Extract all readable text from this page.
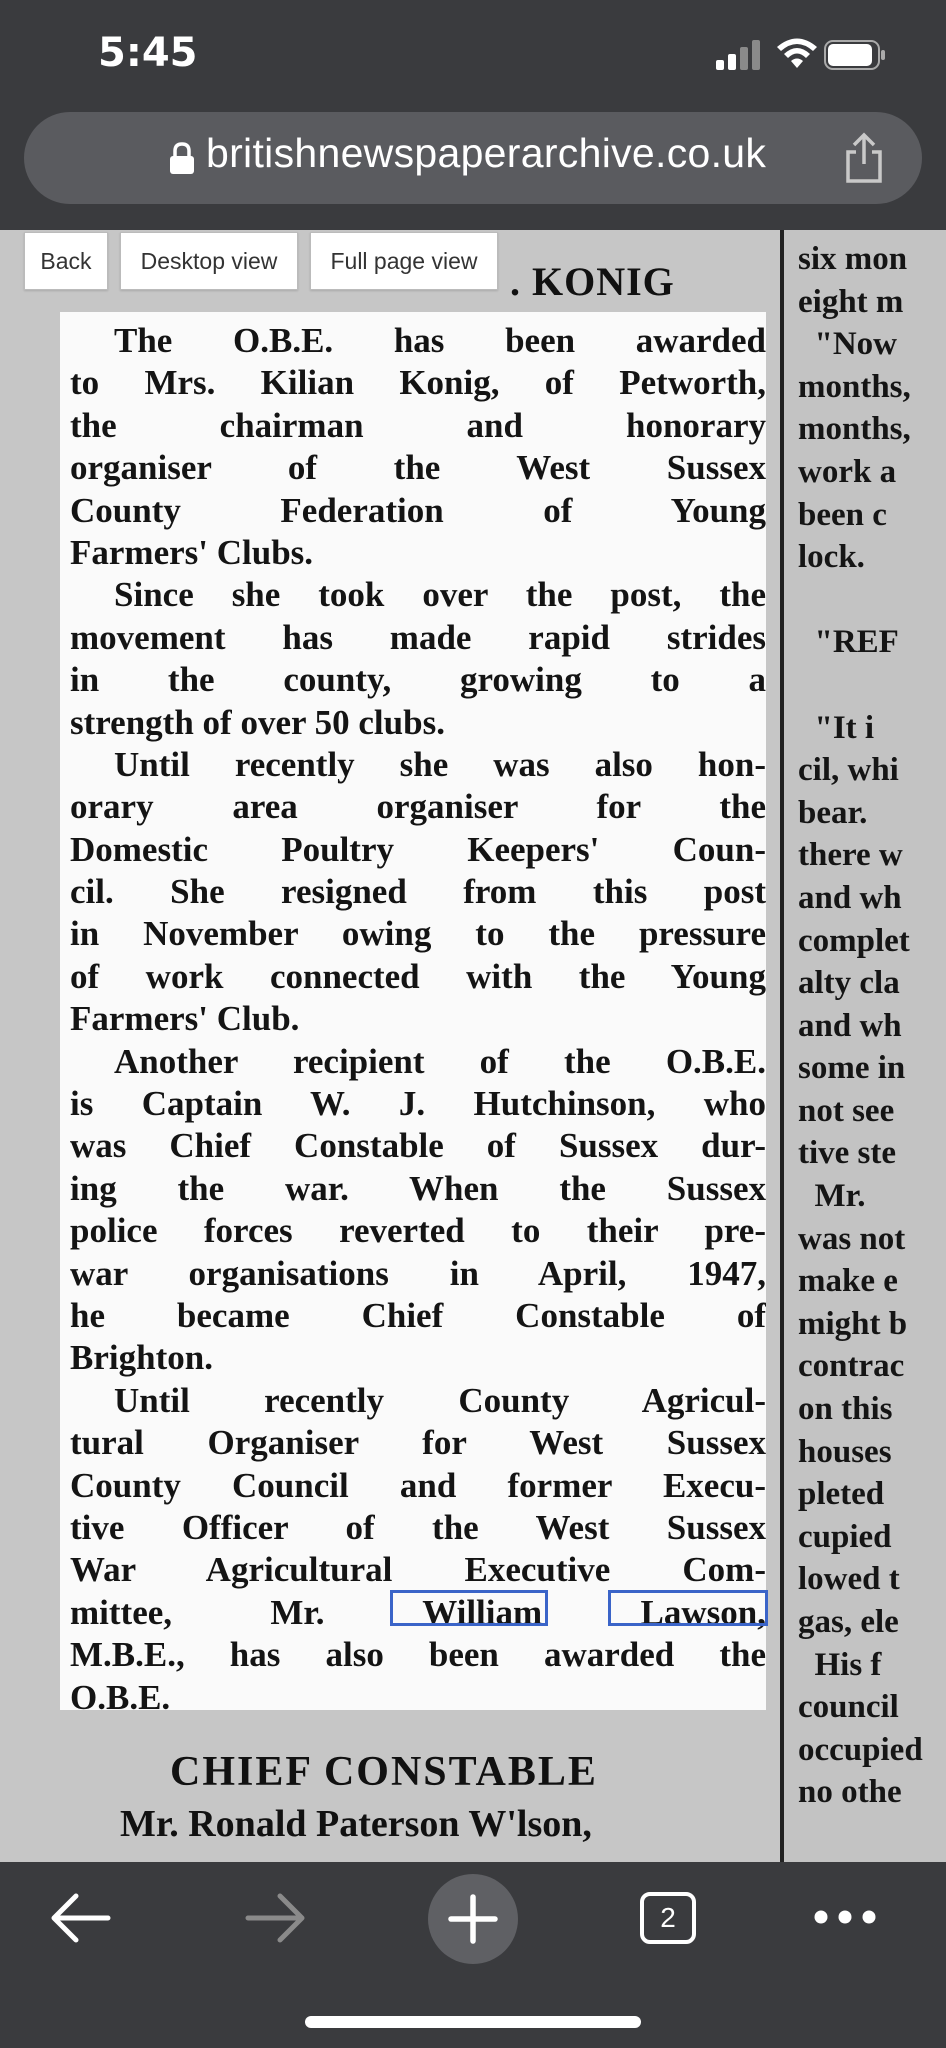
5:45
britishnewspaperarchive.co.uk
six mon
eight m
"Now
months,
months,
work a
been c
lock.

"REF

"It i
cil, whi
bear.
there w
and wh
complet
alty cla
and wh
some in
not see
tive ste
Mr.
was not
make e
might b
contrac
on this
houses
pleted
cupied
lowed t
gas, ele
His f
council
occupied
no othe
. KONIG
The O.B.E. has been awarded
to Mrs. Kilian Konig, of Petworth,
the chairman and honorary
organiser of the West Sussex
County Federation of Young
Farmers' Clubs.
Since she took over the post, the
movement has made rapid strides
in the county, growing to a
strength of over 50 clubs.
Until recently she was also hon-
orary area organiser for the
Domestic Poultry Keepers' Coun-
cil. She resigned from this post
in November owing to the pressure
of work connected with the Young
Farmers' Club.
Another recipient of the O.B.E.
is Captain W. J. Hutchinson, who
was Chief Constable of Sussex dur-
ing the war. When the Sussex
police forces reverted to their pre-
war organisations in April, 1947,
he became Chief Constable of
Brighton.
Until recently County Agricul-
tural Organiser for West Sussex
County Council and former Execu-
tive Officer of the West Sussex
War Agricultural Executive Com-
mittee, Mr. William Lawson,
M.B.E., has also been awarded the
O.B.E.
CHIEF CONSTABLE
Mr. Ronald Paterson W'lson,
Back	Desktop view	Full page view
2
